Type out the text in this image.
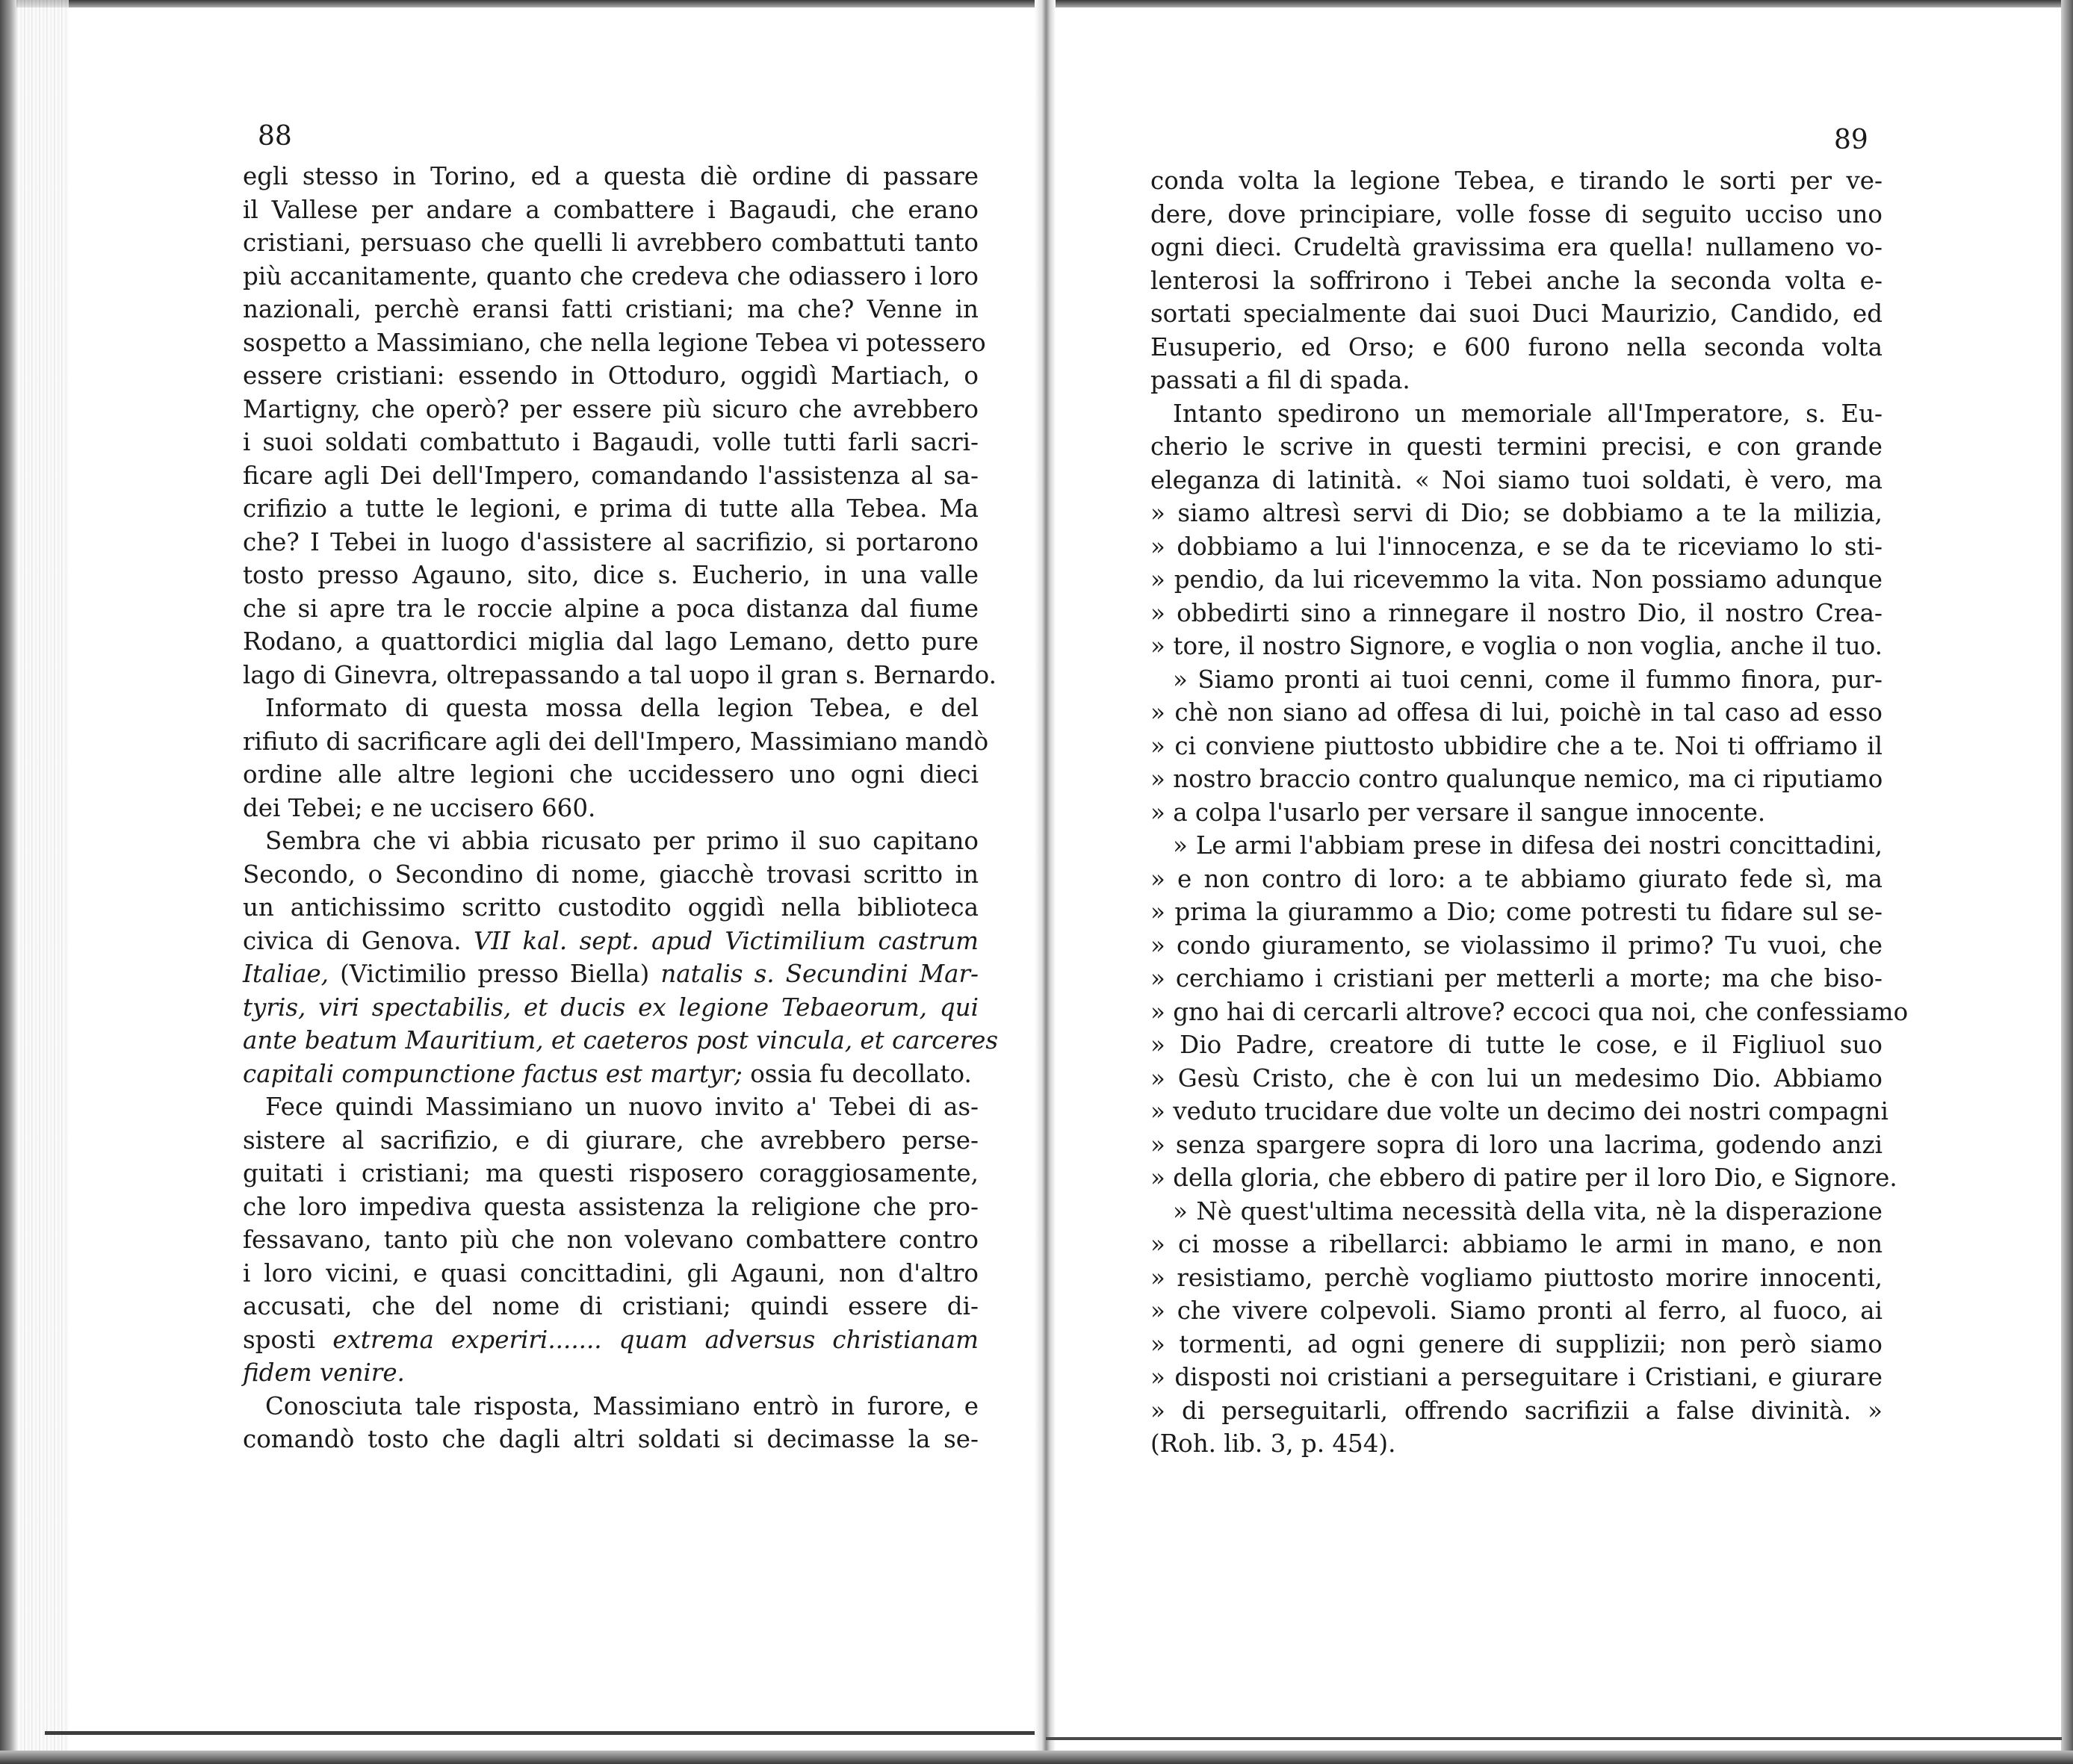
88	89
egli stesso in Torino, ed a questa diè ordine di passare
il Vallese per andare a combattere i Bagaudi, che erano
cristiani, persuaso che quelli li avrebbero combattuti tanto
più accanitamente, quanto che credeva che odiassero i loro
nazionali, perchè eransi fatti cristiani; ma che? Venne in
sospetto a Massimiano, che nella legione Tebea vi potessero
essere cristiani: essendo in Ottoduro, oggidì Martiach, o
Martigny, che operò? per essere più sicuro che avrebbero
i suoi soldati combattuto i Bagaudi, volle tutti farli sacri-
ficare agli Dei dell'Impero, comandando l'assistenza al sa-
crifizio a tutte le legioni, e prima di tutte alla Tebea. Ma
che? I Tebei in luogo d'assistere al sacrifizio, si portarono
tosto presso Agauno, sito, dice s. Eucherio, in una valle
che si apre tra le roccie alpine a poca distanza dal fiume
Rodano, a quattordici miglia dal lago Lemano, detto pure
lago di Ginevra, oltrepassando a tal uopo il gran s. Bernardo.
Informato di questa mossa della legion Tebea, e del
rifiuto di sacrificare agli dei dell'Impero, Massimiano mandò
ordine alle altre legioni che uccidessero uno ogni dieci
dei Tebei; e ne uccisero 660.
Sembra che vi abbia ricusato per primo il suo capitano
Secondo, o Secondino di nome, giacchè trovasi scritto in
un antichissimo scritto custodito oggidì nella biblioteca
civica di Genova. VII kal. sept. apud Victimilium castrum
Italiae, (Victimilio presso Biella) natalis s. Secundini Mar-
tyris, viri spectabilis, et ducis ex legione Tebaeorum, qui
ante beatum Mauritium, et caeteros post vincula, et carceres
capitali compunctione factus est martyr; ossia fu decollato.
Fece quindi Massimiano un nuovo invito a' Tebei di as-
sistere al sacrifizio, e di giurare, che avrebbero perse-
guitati i cristiani; ma questi risposero coraggiosamente,
che loro impediva questa assistenza la religione che pro-
fessavano, tanto più che non volevano combattere contro
i loro vicini, e quasi concittadini, gli Agauni, non d'altro
accusati, che del nome di cristiani; quindi essere di-
sposti extrema experiri....... quam adversus christianam
fidem venire.
Conosciuta tale risposta, Massimiano entrò in furore, e
comandò tosto che dagli altri soldati si decimasse la se-
conda volta la legione Tebea, e tirando le sorti per ve-
dere, dove principiare, volle fosse di seguito ucciso uno
ogni dieci. Crudeltà gravissima era quella! nullameno vo-
lenterosi la soffrirono i Tebei anche la seconda volta e-
sortati specialmente dai suoi Duci Maurizio, Candido, ed
Eusuperio, ed Orso; e 600 furono nella seconda volta
passati a fil di spada.
Intanto spedirono un memoriale all'Imperatore, s. Eu-
cherio le scrive in questi termini precisi, e con grande
eleganza di latinità. « Noi siamo tuoi soldati, è vero, ma
» siamo altresì servi di Dio; se dobbiamo a te la milizia,
» dobbiamo a lui l'innocenza, e se da te riceviamo lo sti-
» pendio, da lui ricevemmo la vita. Non possiamo adunque
» obbedirti sino a rinnegare il nostro Dio, il nostro Crea-
» tore, il nostro Signore, e voglia o non voglia, anche il tuo.
» Siamo pronti ai tuoi cenni, come il fummo finora, pur-
» chè non siano ad offesa di lui, poichè in tal caso ad esso
» ci conviene piuttosto ubbidire che a te. Noi ti offriamo il
» nostro braccio contro qualunque nemico, ma ci riputiamo
» a colpa l'usarlo per versare il sangue innocente.
» Le armi l'abbiam prese in difesa dei nostri concittadini,
» e non contro di loro: a te abbiamo giurato fede sì, ma
» prima la giurammo a Dio; come potresti tu fidare sul se-
» condo giuramento, se violassimo il primo? Tu vuoi, che
» cerchiamo i cristiani per metterli a morte; ma che biso-
» gno hai di cercarli altrove? eccoci qua noi, che confessiamo
» Dio Padre, creatore di tutte le cose, e il Figliuol suo
» Gesù Cristo, che è con lui un medesimo Dio. Abbiamo
» veduto trucidare due volte un decimo dei nostri compagni
» senza spargere sopra di loro una lacrima, godendo anzi
» della gloria, che ebbero di patire per il loro Dio, e Signore.
» Nè quest'ultima necessità della vita, nè la disperazione
» ci mosse a ribellarci: abbiamo le armi in mano, e non
» resistiamo, perchè vogliamo piuttosto morire innocenti,
» che vivere colpevoli. Siamo pronti al ferro, al fuoco, ai
» tormenti, ad ogni genere di supplizii; non però siamo
» disposti noi cristiani a perseguitare i Cristiani, e giurare
» di perseguitarli, offrendo sacrifizii a false divinità. »
(Roh. lib. 3, p. 454).
